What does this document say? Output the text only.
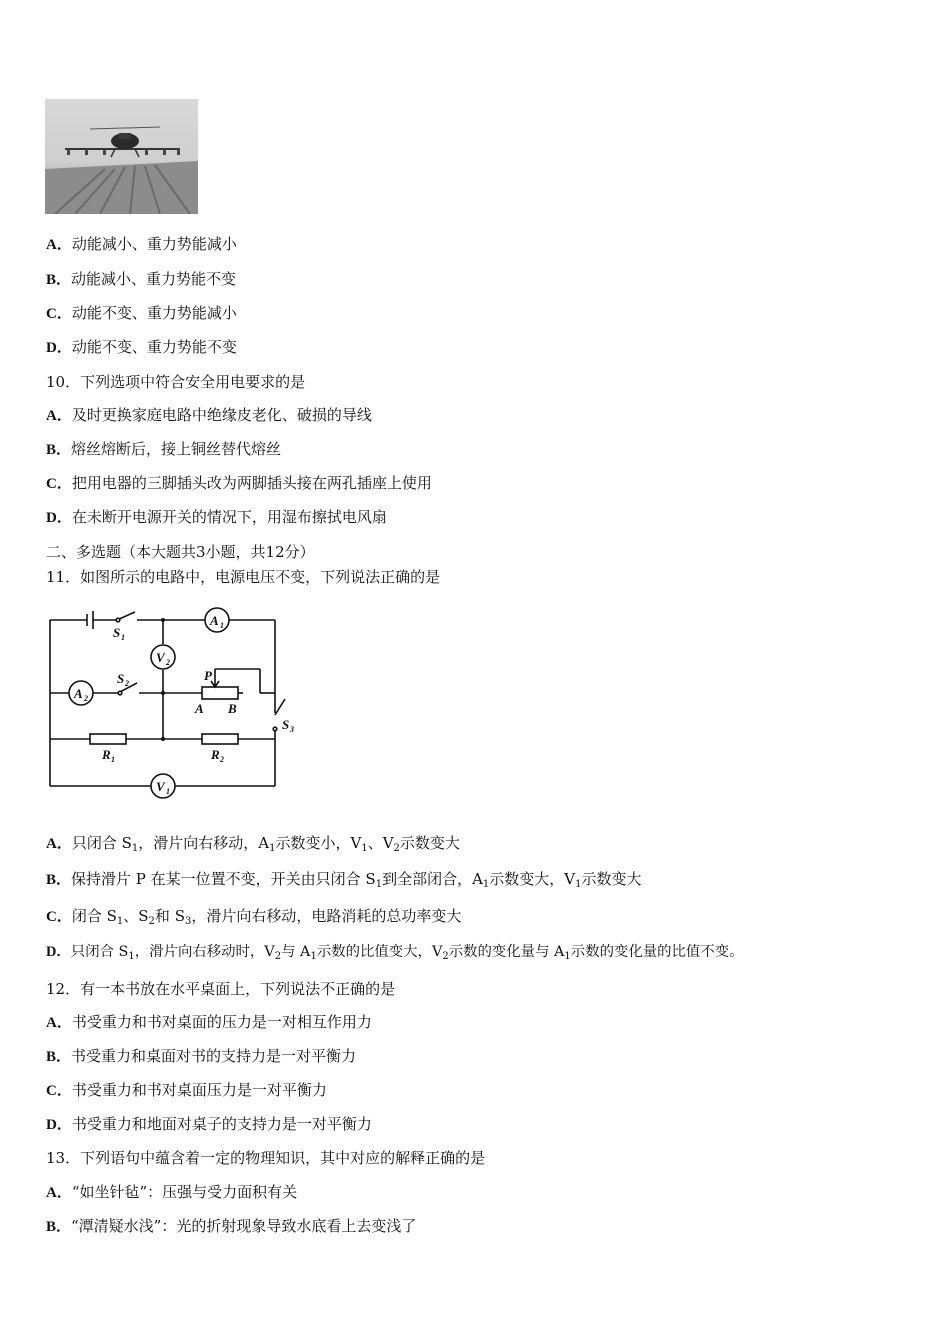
A．动能减小、重力势能减小
B．动能减小、重力势能不变
C．动能不变、重力势能减小
D．动能不变、重力势能不变
10．下列选项中符合安全用电要求的是
A．及时更换家庭电路中绝缘皮老化、破损的导线
B．熔丝熔断后，接上铜丝替代熔丝
C．把用电器的三脚插头改为两脚插头接在两孔插座上使用
D．在未断开电源开关的情况下，用湿布擦拭电风扇
二、多选题（本大题共3小题，共12分）
11．如图所示的电路中，电源电压不变，下列说法正确的是
A 1
V 2
A 2
V 1
S 1
S 2
S 3
P
A B
R 1	R 2
A．只闭合 $S_1$，滑片向右移动，$A_1$示数变小，$V_1$、$V_2$示数变大
B．保持滑片 P 在某一位置不变，开关由只闭合 $S_1$到全部闭合，$A_1$示数变大，$V_1$示数变大
C．闭合 $S_1$、$S_2$和 $S_3$，滑片向右移动，电路消耗的总功率变大
D．只闭合 $S_1$，滑片向右移动时，$V_2$与 $A_1$示数的比值变大，$V_2$示数的变化量与 $A_1$示数的变化量的比值不变。
12．有一本书放在水平桌面上，下列说法不正确的是
A．书受重力和书对桌面的压力是一对相互作用力
B．书受重力和桌面对书的支持力是一对平衡力
C．书受重力和书对桌面压力是一对平衡力
D．书受重力和地面对桌子的支持力是一对平衡力
13．下列语句中蕴含着一定的物理知识，其中对应的解释正确的是
A．“如坐针毡”：压强与受力面积有关
B．“潭清疑水浅”：光的折射现象导致水底看上去变浅了
